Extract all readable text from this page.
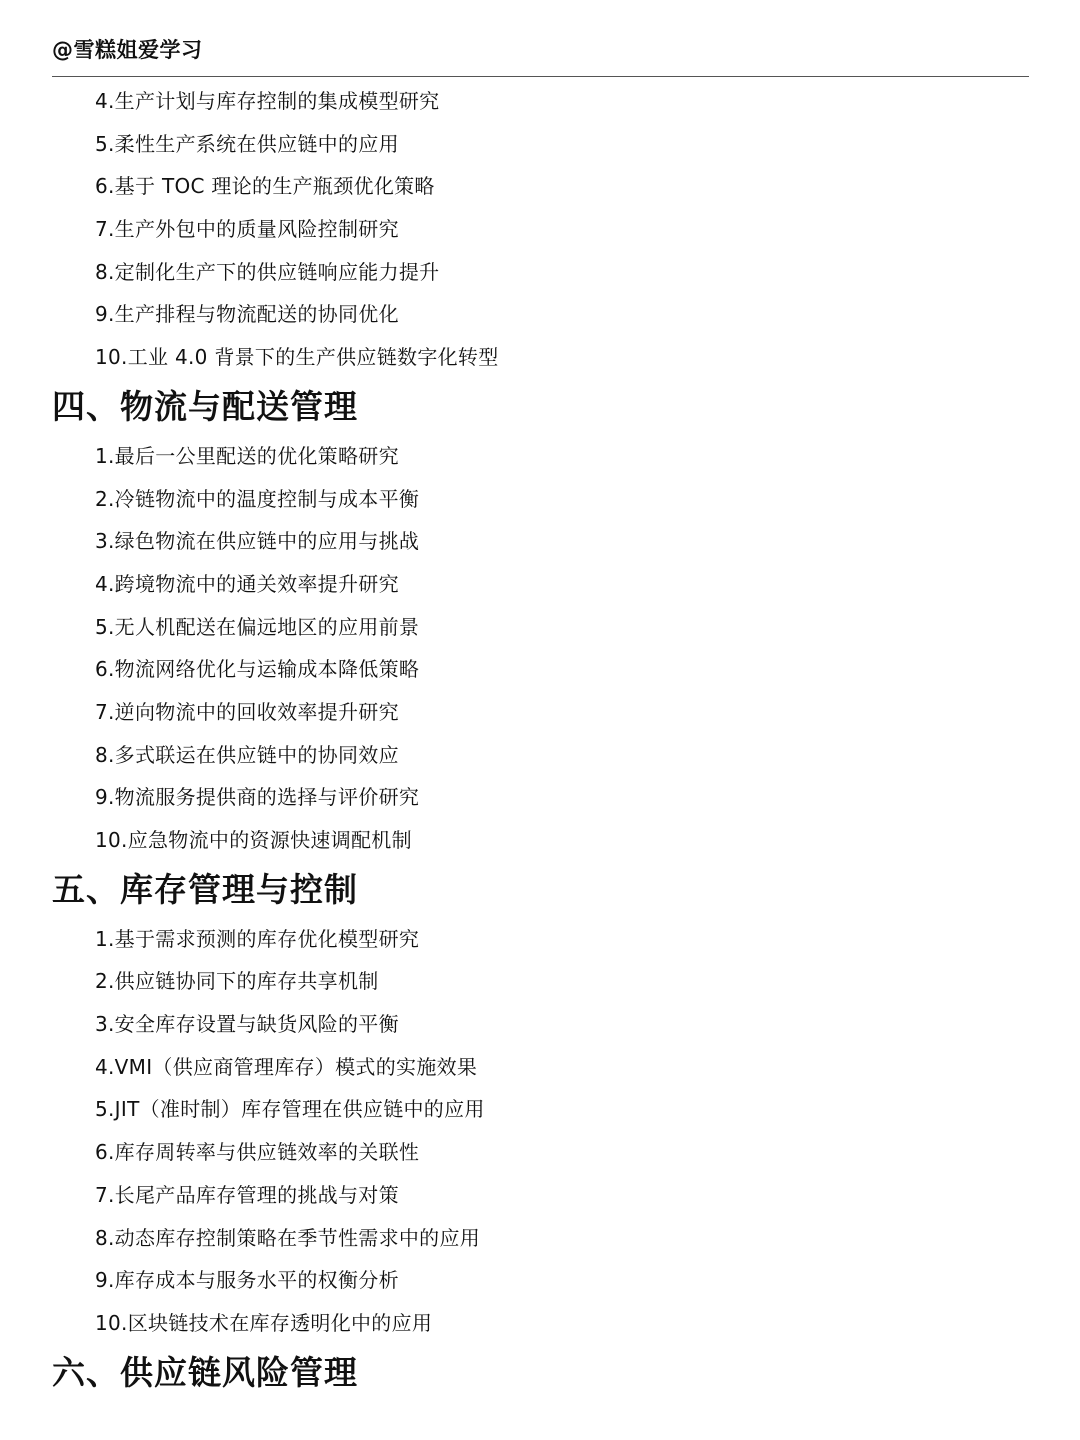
@雪糕姐爱学习
4.生产计划与库存控制的集成模型研究
5.柔性生产系统在供应链中的应用
6.基于 TOC 理论的生产瓶颈优化策略
7.生产外包中的质量风险控制研究
8.定制化生产下的供应链响应能力提升
9.生产排程与物流配送的协同优化
10.工业 4.0 背景下的生产供应链数字化转型
四、物流与配送管理
1.最后一公里配送的优化策略研究
2.冷链物流中的温度控制与成本平衡
3.绿色物流在供应链中的应用与挑战
4.跨境物流中的通关效率提升研究
5.无人机配送在偏远地区的应用前景
6.物流网络优化与运输成本降低策略
7.逆向物流中的回收效率提升研究
8.多式联运在供应链中的协同效应
9.物流服务提供商的选择与评价研究
10.应急物流中的资源快速调配机制
五、库存管理与控制
1.基于需求预测的库存优化模型研究
2.供应链协同下的库存共享机制
3.安全库存设置与缺货风险的平衡
4.VMI（供应商管理库存）模式的实施效果
5.JIT（准时制）库存管理在供应链中的应用
6.库存周转率与供应链效率的关联性
7.长尾产品库存管理的挑战与对策
8.动态库存控制策略在季节性需求中的应用
9.库存成本与服务水平的权衡分析
10.区块链技术在库存透明化中的应用
六、供应链风险管理
